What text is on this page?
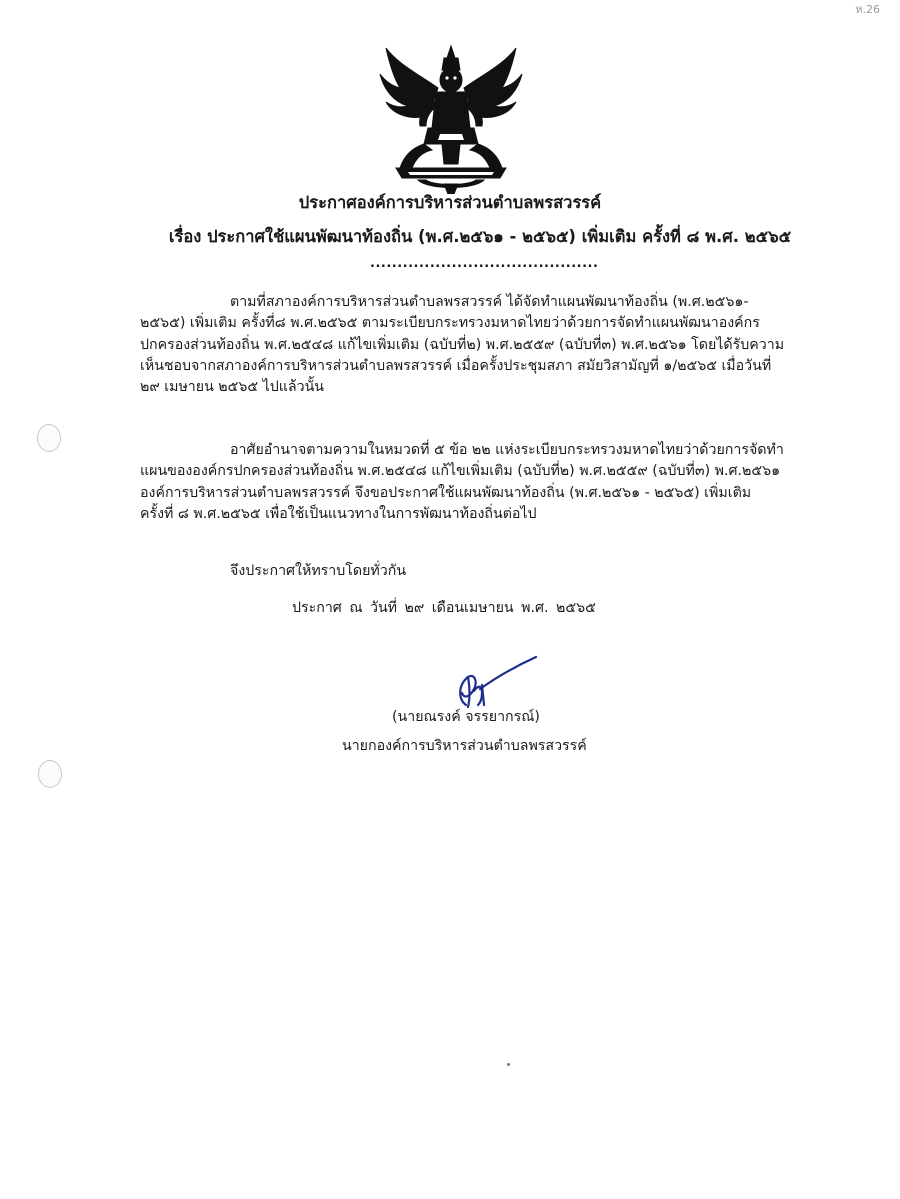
ห.26
ประกาศองค์การบริหารส่วนตำบลพรสวรรค์
เรื่อง ประกาศใช้แผนพัฒนาท้องถิ่น (พ.ศ.๒๕๖๑ - ๒๕๖๕) เพิ่มเติม ครั้งที่ ๘ พ.ศ. ๒๕๖๕
..........................................
ตามที่สภาองค์การบริหารส่วนตำบลพรสวรรค์ ได้จัดทำแผนพัฒนาท้องถิ่น (พ.ศ.๒๕๖๑-
๒๕๖๕) เพิ่มเติม ครั้งที่๘ พ.ศ.๒๕๖๕ ตามระเบียบกระทรวงมหาดไทยว่าด้วยการจัดทำแผนพัฒนาองค์กร
ปกครองส่วนท้องถิ่น พ.ศ.๒๕๔๘ แก้ไขเพิ่มเติม (ฉบับที่๒) พ.ศ.๒๕๕๙ (ฉบับที่๓) พ.ศ.๒๕๖๑ โดยได้รับความ
เห็นชอบจากสภาองค์การบริหารส่วนตำบลพรสวรรค์ เมื่อครั้งประชุมสภา สมัยวิสามัญที่ ๑/๒๕๖๕ เมื่อวันที่
๒๙ เมษายน ๒๕๖๕ ไปแล้วนั้น
อาศัยอำนาจตามความในหมวดที่ ๕ ข้อ ๒๒ แห่งระเบียบกระทรวงมหาดไทยว่าด้วยการจัดทำ
แผนขององค์กรปกครองส่วนท้องถิ่น พ.ศ.๒๕๔๘ แก้ไขเพิ่มเติม (ฉบับที่๒) พ.ศ.๒๕๕๙ (ฉบับที่๓) พ.ศ.๒๕๖๑
องค์การบริหารส่วนตำบลพรสวรรค์ จึงขอประกาศใช้แผนพัฒนาท้องถิ่น (พ.ศ.๒๕๖๑ - ๒๕๖๕) เพิ่มเติม
ครั้งที่ ๘ พ.ศ.๒๕๖๕ เพื่อใช้เป็นแนวทางในการพัฒนาท้องถิ่นต่อไป
จึงประกาศให้ทราบโดยทั่วกัน
ประกาศ ณ วันที่ ๒๙ เดือนเมษายน พ.ศ. ๒๕๖๕
(นายณรงค์ จรรยากรณ์)
นายกองค์การบริหารส่วนตำบลพรสวรรค์
